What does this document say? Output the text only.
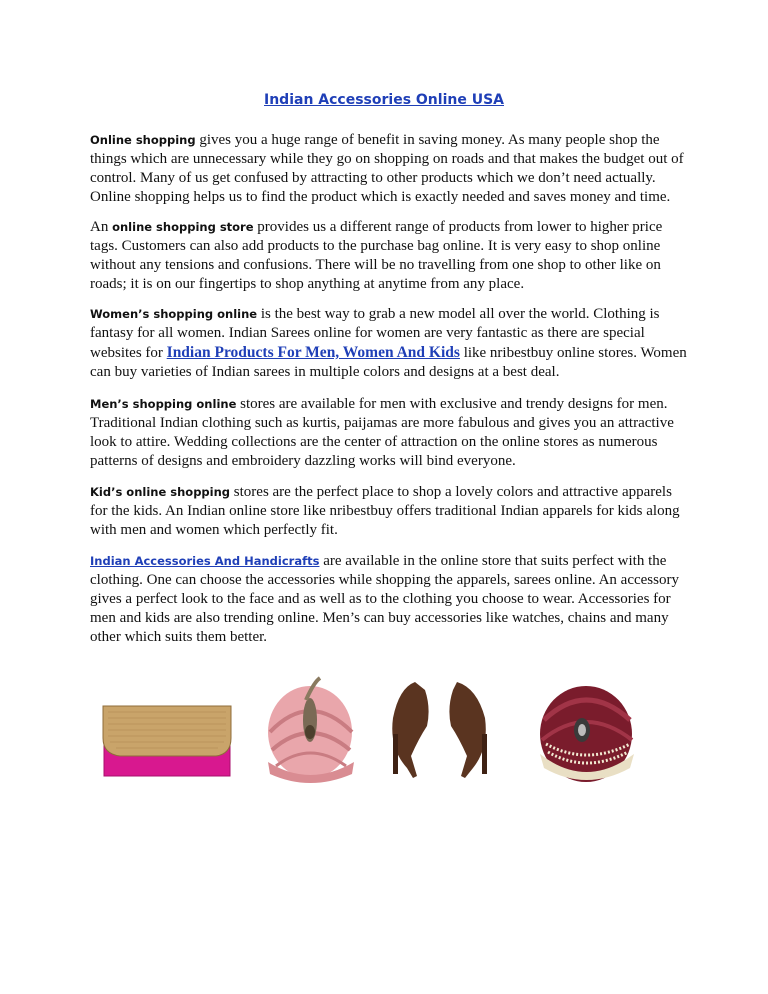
Indian Accessories Online USA
Online shopping gives you a huge range of benefit in saving money. As many people shop the things which are unnecessary while they go on shopping on roads and that makes the budget out of control. Many of us get confused by attracting to other products which we don’t need actually. Online shopping helps us to find the product which is exactly needed and saves money and time.
An online shopping store provides us a different range of products from lower to higher price tags. Customers can also add products to the purchase bag online. It is very easy to shop online without any tensions and confusions. There will be no travelling from one shop to other like on roads; it is on our fingertips to shop anything at anytime from any place.
Women’s shopping online is the best way to grab a new model all over the world. Clothing is fantasy for all women. Indian Sarees online for women are very fantastic as there are special websites for Indian Products For Men, Women And Kids like nribestbuy online stores. Women can buy varieties of Indian sarees in multiple colors and designs at a best deal.
Men’s shopping online stores are available for men with exclusive and trendy designs for men. Traditional Indian clothing such as kurtis, paijamas are more fabulous and gives you an attractive look to attire. Wedding collections are the center of attraction on the online stores as numerous patterns of designs and embroidery dazzling works will bind everyone.
Kid’s online shopping stores are the perfect place to shop a lovely colors and attractive apparels for the kids. An Indian online store like nribestbuy offers traditional Indian apparels for kids along with men and women which perfectly fit.
Indian Accessories And Handicrafts are available in the online store that suits perfect with the clothing. One can choose the accessories while shopping the apparels, sarees online. An accessory gives a perfect look to the face and as well as to the clothing you choose to wear. Accessories for men and kids are also trending online. Men’s can buy accessories like watches, chains and many other which suits them better.
